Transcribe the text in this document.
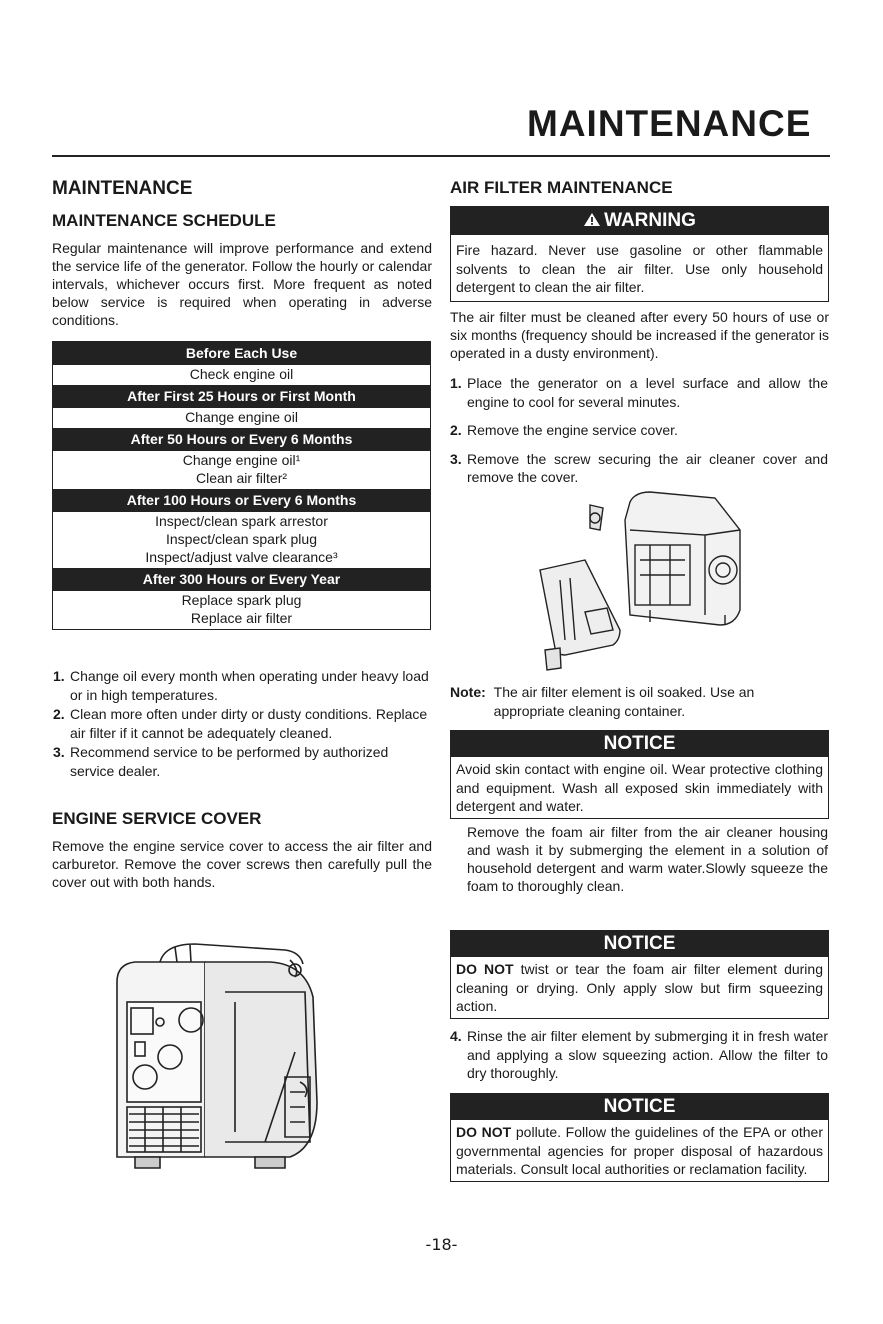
MAINTENANCE
MAINTENANCE
MAINTENANCE SCHEDULE
Regular maintenance will improve performance and extend the service life of the generator. Follow the hourly or calendar intervals, whichever occurs first. More frequent as noted below service is required when operating in adverse conditions.
Before Each Use
Check engine oil
After First 25 Hours or First Month
Change engine oil
After 50 Hours or Every 6 Months
Change engine oil¹
Clean air filter²
After 100 Hours or Every 6 Months
Inspect/clean spark arrestor
Inspect/clean spark plug
Inspect/adjust valve clearance³
After 300 Hours or Every Year
Replace spark plug
Replace air filter
1. Change oil every month when operating under heavy load or in high temperatures.
2. Clean more often under dirty or dusty conditions. Replace air filter if it cannot be adequately cleaned.
3. Recommend service to be performed by authorized service dealer.
ENGINE SERVICE COVER
Remove the engine service cover to access the air filter and carburetor. Remove the cover screws then carefully pull the cover out with both hands.
AIR FILTER MAINTENANCE
WARNING
Fire hazard. Never use gasoline or other flammable solvents to clean the air filter. Use only household detergent to clean the air filter.
The air filter must be cleaned after every 50 hours of use or six months (frequency should be increased if the generator is operated in a dusty environment).
1. Place the generator on a level surface and allow the engine to cool for several minutes.
2. Remove the engine service cover.
3. Remove the screw securing the air cleaner cover and remove the cover.
Note: The air filter element is oil soaked. Use an appropriate cleaning container.
NOTICE
Avoid skin contact with engine oil. Wear protective clothing and equipment. Wash all exposed skin immediately with detergent and water.
Remove the foam air filter from the air cleaner housing and wash it by submerging the element in a solution of household detergent and warm water.Slowly squeeze the foam to thoroughly clean.
NOTICE
DO NOT twist or tear the foam air filter element during cleaning or drying. Only apply slow but firm squeezing action.
4. Rinse the air filter element by submerging it in fresh water and applying a slow squeezing action. Allow the filter to dry thoroughly.
NOTICE
DO NOT pollute. Follow the guidelines of the EPA or other governmental agencies for proper disposal of hazardous materials. Consult local authorities or reclamation facility.
-18-
